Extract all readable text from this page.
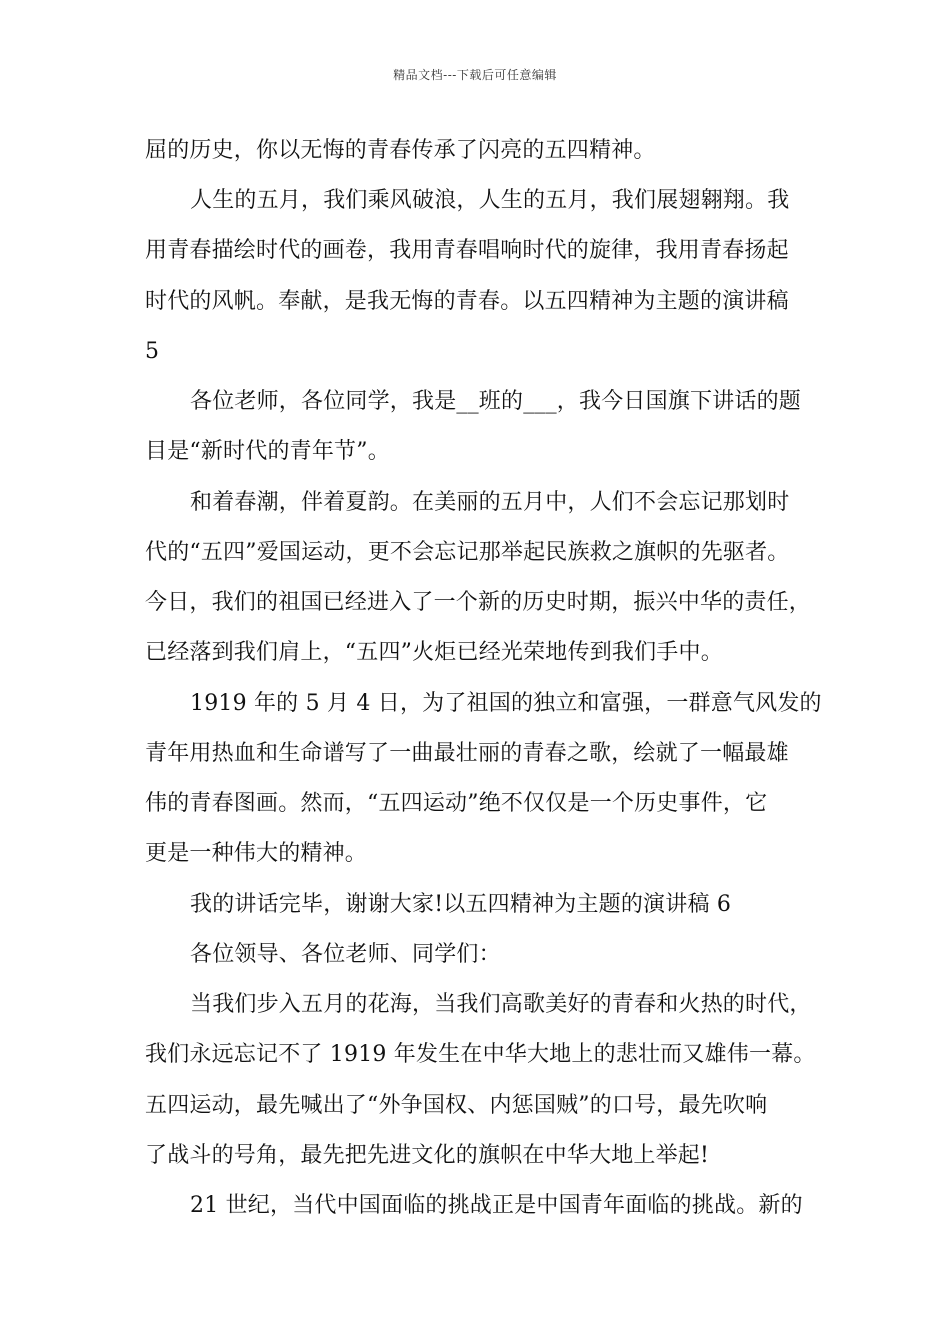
精品文档---下载后可任意编辑
屈的历史，你以无悔的青春传承了闪亮的五四精神。
人生的五月，我们乘风破浪，人生的五月，我们展翅翱翔。我
用青春描绘时代的画卷，我用青春唱响时代的旋律，我用青春扬起
时代的风帆。奉献，是我无悔的青春。以五四精神为主题的演讲稿
5
各位老师，各位同学，我是__班的___，我今日国旗下讲话的题
目是“新时代的青年节”。
和着春潮，伴着夏韵。在美丽的五月中，人们不会忘记那划时
代的“五四”爱国运动，更不会忘记那举起民族救之旗帜的先驱者。
今日，我们的祖国已经进入了一个新的历史时期，振兴中华的责任，
已经落到我们肩上，“五四”火炬已经光荣地传到我们手中。
1919 年的 5 月 4 日，为了祖国的独立和富强，一群意气风发的
青年用热血和生命谱写了一曲最壮丽的青春之歌，绘就了一幅最雄
伟的青春图画。然而，“五四运动”绝不仅仅是一个历史事件，它
更是一种伟大的精神。
我的讲话完毕，谢谢大家!以五四精神为主题的演讲稿 6
各位领导、各位老师、同学们：
当我们步入五月的花海，当我们高歌美好的青春和火热的时代，
我们永远忘记不了 1919 年发生在中华大地上的悲壮而又雄伟一幕。
五四运动，最先喊出了“外争国权、内惩国贼”的口号，最先吹响
了战斗的号角，最先把先进文化的旗帜在中华大地上举起!
21 世纪，当代中国面临的挑战正是中国青年面临的挑战。新的
